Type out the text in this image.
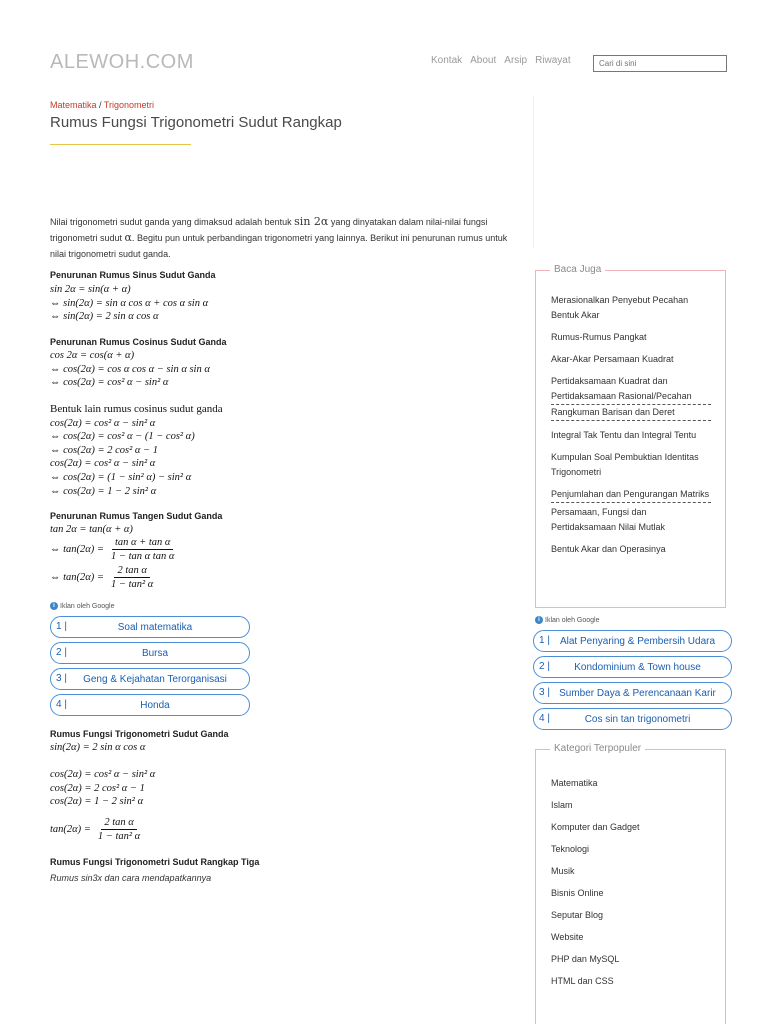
ALEWOH.COM	Kontak About Arsip Riwayat
Cari di sini
Matematika / Trigonometri
Rumus Fungsi Trigonometri Sudut Rangkap

Nilai trigonometri sudut ganda yang dimaksud adalah bentuk sin 2α yang dinyatakan dalam nilai-nilai fungsi trigonometri sudut α. Begitu pun untuk perbandingan trigonometri yang lainnya. Berikut ini penurunan rumus untuk nilai trigonometri sudut ganda.

Penurunan Rumus Sinus Sudut Ganda
sin 2α = sin(α + α)
⇔ sin(2α) = sin α cos α + cos α sin α
⇔ sin(2α) = 2 sin α cos α
Penurunan Rumus Cosinus Sudut Ganda
cos 2α = cos(α + α)
⇔ cos(2α) = cos α cos α − sin α sin α
⇔ cos(2α) = cos² α − sin² α
Bentuk lain rumus cosinus sudut ganda
cos(2α) = cos² α − sin² α
⇔ cos(2α) = cos² α − (1 − cos² α)
⇔ cos(2α) = 2 cos² α − 1
cos(2α) = cos² α − sin² α
⇔ cos(2α) = (1 − sin² α) − sin² α
⇔ cos(2α) = 1 − 2 sin² α
Penurunan Rumus Tangen Sudut Ganda
tan 2α = tan(α + α)
⇔ $\tan(2\alpha) = \frac{\text{tan α + tan α}}{\text{1 − tan α tan α}}$
⇔ $\tan(2\alpha) = \frac{\text{2 tan α}}{\text{1 − tan² α}}$
i Iklan oleh Google
1 |	Soal matematika
2 |	Bursa
3 |	Geng & Kejahatan Terorganisasi
4 |	Honda
Rumus Fungsi Trigonometri Sudut Ganda
sin(2α) = 2 sin α cos α
cos(2α) = cos² α − sin² α
cos(2α) = 2 cos² α − 1
cos(2α) = 1 − 2 sin² α
$\tan(2\alpha) = \frac{\text{2 tan α}}{\text{1 − tan² α}}$
Rumus Fungsi Trigonometri Sudut Rangkap Tiga
Rumus sin3x dan cara mendapatkannya
Baca Juga
Merasionalkan Penyebut Pecahan Bentuk Akar
Rumus-Rumus Pangkat
Akar-Akar Persamaan Kuadrat
Pertidaksamaan Kuadrat dan Pertidaksamaan Rasional/Pecahan
Rangkuman Barisan dan Deret
Integral Tak Tentu dan Integral Tentu
Kumpulan Soal Pembuktian Identitas Trigonometri
Penjumlahan dan Pengurangan Matriks
Persamaan, Fungsi dan Pertidaksamaan Nilai Mutlak
Bentuk Akar dan Operasinya
i Iklan oleh Google
1 |	Alat Penyaring & Pembersih Udara
2 |	Kondominium & Town house
3 | Sumber Daya & Perencanaan Karir
4 |	Cos sin tan trigonometri
Kategori Terpopuler
Matematika
Islam
Komputer dan Gadget
Teknologi
Musik
Bisnis Online
Seputar Blog
Website
PHP dan MySQL
HTML dan CSS
